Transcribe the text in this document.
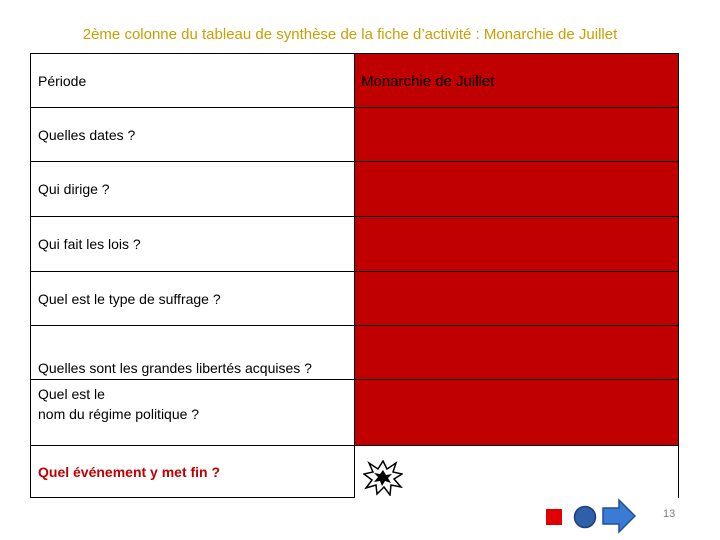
2ème colonne du tableau de synthèse de la fiche d’activité : Monarchie de Juillet
Période	Monarchie de Juillet
Quelles dates ?
Qui dirige ?
Qui fait les lois ?
Quel est le type de suffrage ?
Quelles sont les grandes libertés acquises ?
Quel est le
nom du régime politique ?
Quel événement y met fin ?
13
